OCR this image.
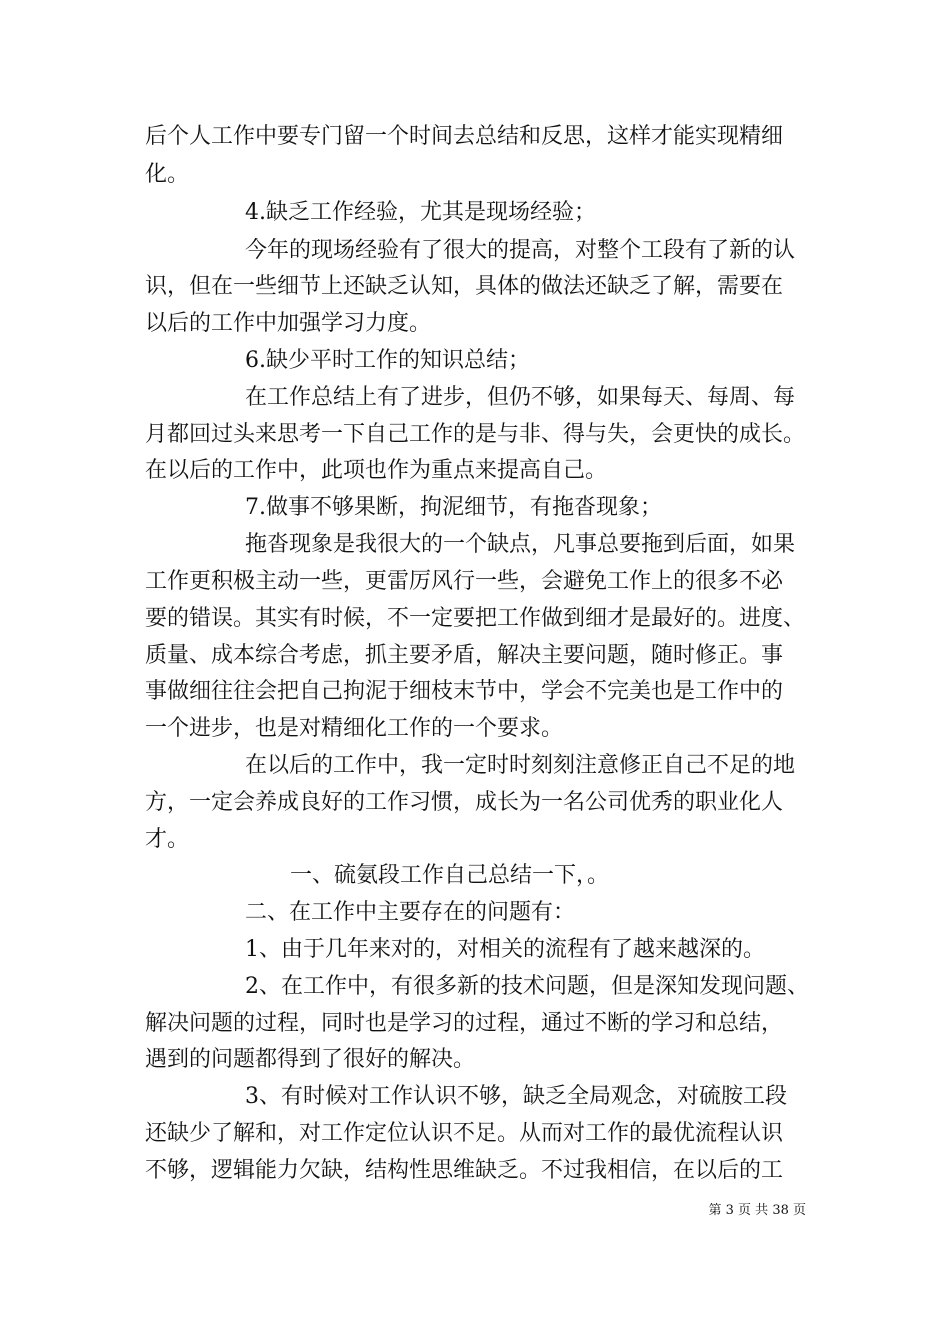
后个人工作中要专门留一个时间去总结和反思，这样才能实现精细
化。
4.缺乏工作经验，尤其是现场经验；
今年的现场经验有了很大的提高，对整个工段有了新的认
识，但在一些细节上还缺乏认知，具体的做法还缺乏了解，需要在
以后的工作中加强学习力度。
6.缺少平时工作的知识总结；
在工作总结上有了进步，但仍不够，如果每天、每周、每
月都回过头来思考一下自己工作的是与非、得与失，会更快的成长。
在以后的工作中，此项也作为重点来提高自己。
7.做事不够果断，拘泥细节，有拖沓现象；
拖沓现象是我很大的一个缺点，凡事总要拖到后面，如果
工作更积极主动一些，更雷厉风行一些，会避免工作上的很多不必
要的错误。其实有时候，不一定要把工作做到细才是最好的。进度、
质量、成本综合考虑，抓主要矛盾，解决主要问题，随时修正。事
事做细往往会把自己拘泥于细枝末节中，学会不完美也是工作中的
一个进步，也是对精细化工作的一个要求。
在以后的工作中，我一定时时刻刻注意修正自己不足的地
方，一定会养成良好的工作习惯，成长为一名公司优秀的职业化人
才。
一、硫氨段工作自己总结一下，。
二、在工作中主要存在的问题有：
1、由于几年来对的，对相关的流程有了越来越深的。
2、在工作中，有很多新的技术问题，但是深知发现问题、
解决问题的过程，同时也是学习的过程，通过不断的学习和总结，
遇到的问题都得到了很好的解决。
3、有时候对工作认识不够，缺乏全局观念，对硫胺工段
还缺少了解和，对工作定位认识不足。从而对工作的最优流程认识
不够，逻辑能力欠缺，结构性思维缺乏。不过我相信，在以后的工
第 3 页 共 38 页
